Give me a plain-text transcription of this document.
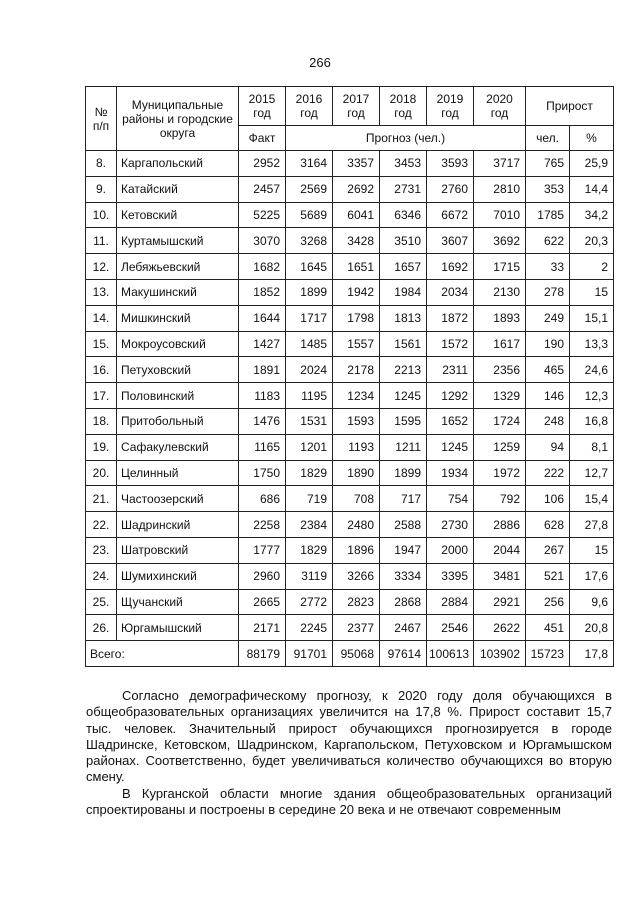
266
№ п/п	Муниципальные районы и городские округа	2015 год	2016 год	2017 год	2018 год	2019 год	2020 год	Прирост	
		Факт	Прогноз (чел.)					чел.	%
8.	Каргапольский	2952	3164	3357	3453	3593	3717	765	25,9
9.	Катайский	2457	2569	2692	2731	2760	2810	353	14,4
10.	Кетовский	5225	5689	6041	6346	6672	7010	1785	34,2
11.	Куртамышский	3070	3268	3428	3510	3607	3692	622	20,3
12.	Лебяжьевский	1682	1645	1651	1657	1692	1715	33	2
13.	Макушинский	1852	1899	1942	1984	2034	2130	278	15
14.	Мишкинский	1644	1717	1798	1813	1872	1893	249	15,1
15.	Мокроусовский	1427	1485	1557	1561	1572	1617	190	13,3
16.	Петуховский	1891	2024	2178	2213	2311	2356	465	24,6
17.	Половинский	1183	1195	1234	1245	1292	1329	146	12,3
18.	Притобольный	1476	1531	1593	1595	1652	1724	248	16,8
19.	Сафакулевский	1165	1201	1193	1211	1245	1259	94	8,1
20.	Целинный	1750	1829	1890	1899	1934	1972	222	12,7
21.	Частоозерский	686	719	708	717	754	792	106	15,4
22.	Шадринский	2258	2384	2480	2588	2730	2886	628	27,8
23.	Шатровский	1777	1829	1896	1947	2000	2044	267	15
24.	Шумихинский	2960	3119	3266	3334	3395	3481	521	17,6
25.	Щучанский	2665	2772	2823	2868	2884	2921	256	9,6
26.	Юргамышский	2171	2245	2377	2467	2546	2622	451	20,8
Всего:		88179	91701	95068	97614	100613	103902	15723	17,8

Согласно демографическому прогнозу, к 2020 году доля обучающихся в общеобразовательных организациях увеличится на 17,8 %. Прирост составит 15,7 тыс. человек. Значительный прирост обучающихся прогнозируется в городе Шадринске, Кетовском, Шадринском, Каргапольском, Петуховском и Юргамышском районах. Соответственно, будет увеличиваться количество обучающихся во вторую смену.

В Курганской области многие здания общеобразовательных организаций спроектированы и построены в середине 20 века и не отвечают современным
